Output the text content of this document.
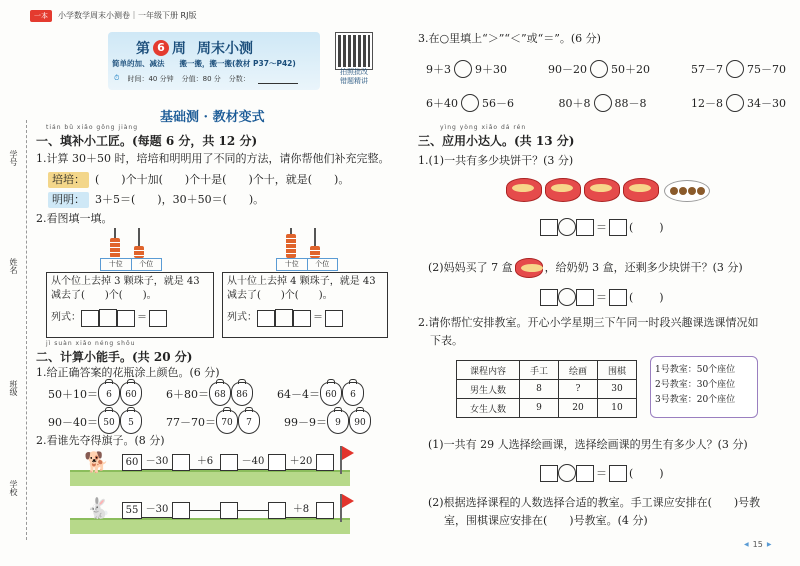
一本	小学数学周末小测卷｜一年级下册 RJ版
第 6 周 周末小测
简单的加、减法　　搬一搬，搬一搬(教材 P37～P42)
⏱ 时间：40 分钟 分值：80 分 分数：
拍照批改
错题精讲
学号
姓名
班级
学校
基础测 · 教材变式
tián bǔ xiǎo gōng jiàng
一、填补小工匠。(每题 6 分，共 12 分)
1.计算 30＋50 时，培培和明明用了不同的方法，请你帮他们补充完整。
培培： (　　)个十加(　　)个十是(　　)个十，就是(　　)。
明明： 3＋5＝(　　)，30＋50＝(　　)。
2.看图填一填。
十位	个位	十位	个位
从个位上去掉 3 颗珠子，就是 43
减去了(　　)个(　　)。
列式：	＝
从十位上去掉 4 颗珠子，就是 43
减去了(　　)个(　　)。
列式：	＝
jì suàn xiǎo néng shǒu
二、计算小能手。(共 20 分)
1.给正确答案的花瓶涂上颜色。(6 分)
50＋10＝ 6	60	6＋80＝ 68	86	64－4＝ 60	6
90－40＝ 50	5	77－70＝ 70	7	99－9＝ 9	90
2.看谁先夺得旗子。(8 分)
🐕	60 －30	＋6	－40	＋20
🐇	55 －30	＋8
3.在○里填上“＞”“＜”或“＝”。(6 分)
9＋3 9＋30	90－20 50＋20	57－7 75－70
6＋40 56－6	80＋8 88－8	12－8 34－30
yìng yòng xiǎo dá rén
三、应用小达人。(共 13 分)
1.(1)一共有多少块饼干？(3 分)
＝ ( )
(2)妈妈买了 7 盒	，给奶奶 3 盒，还剩多少块饼干？(3 分)
＝ ( )
2.请你帮忙安排教室。开心小学星期三下午同一时段兴趣课选课情况如
下表。
课程内容	手工	绘画	围棋
男生人数	8	?	30
女生人数	9	20	10
1号教室：50个座位
2号教室：30个座位
3号教室：20个座位
(1)一共有 29 人选择绘画课，选择绘画课的男生有多少人？(3 分)
＝ ( )
(2)根据选择课程的人数选择合适的教室。手工课应安排在(　　)号教
室，围棋课应安排在(　　)号教室。(4 分)
◀ 15 ▶
